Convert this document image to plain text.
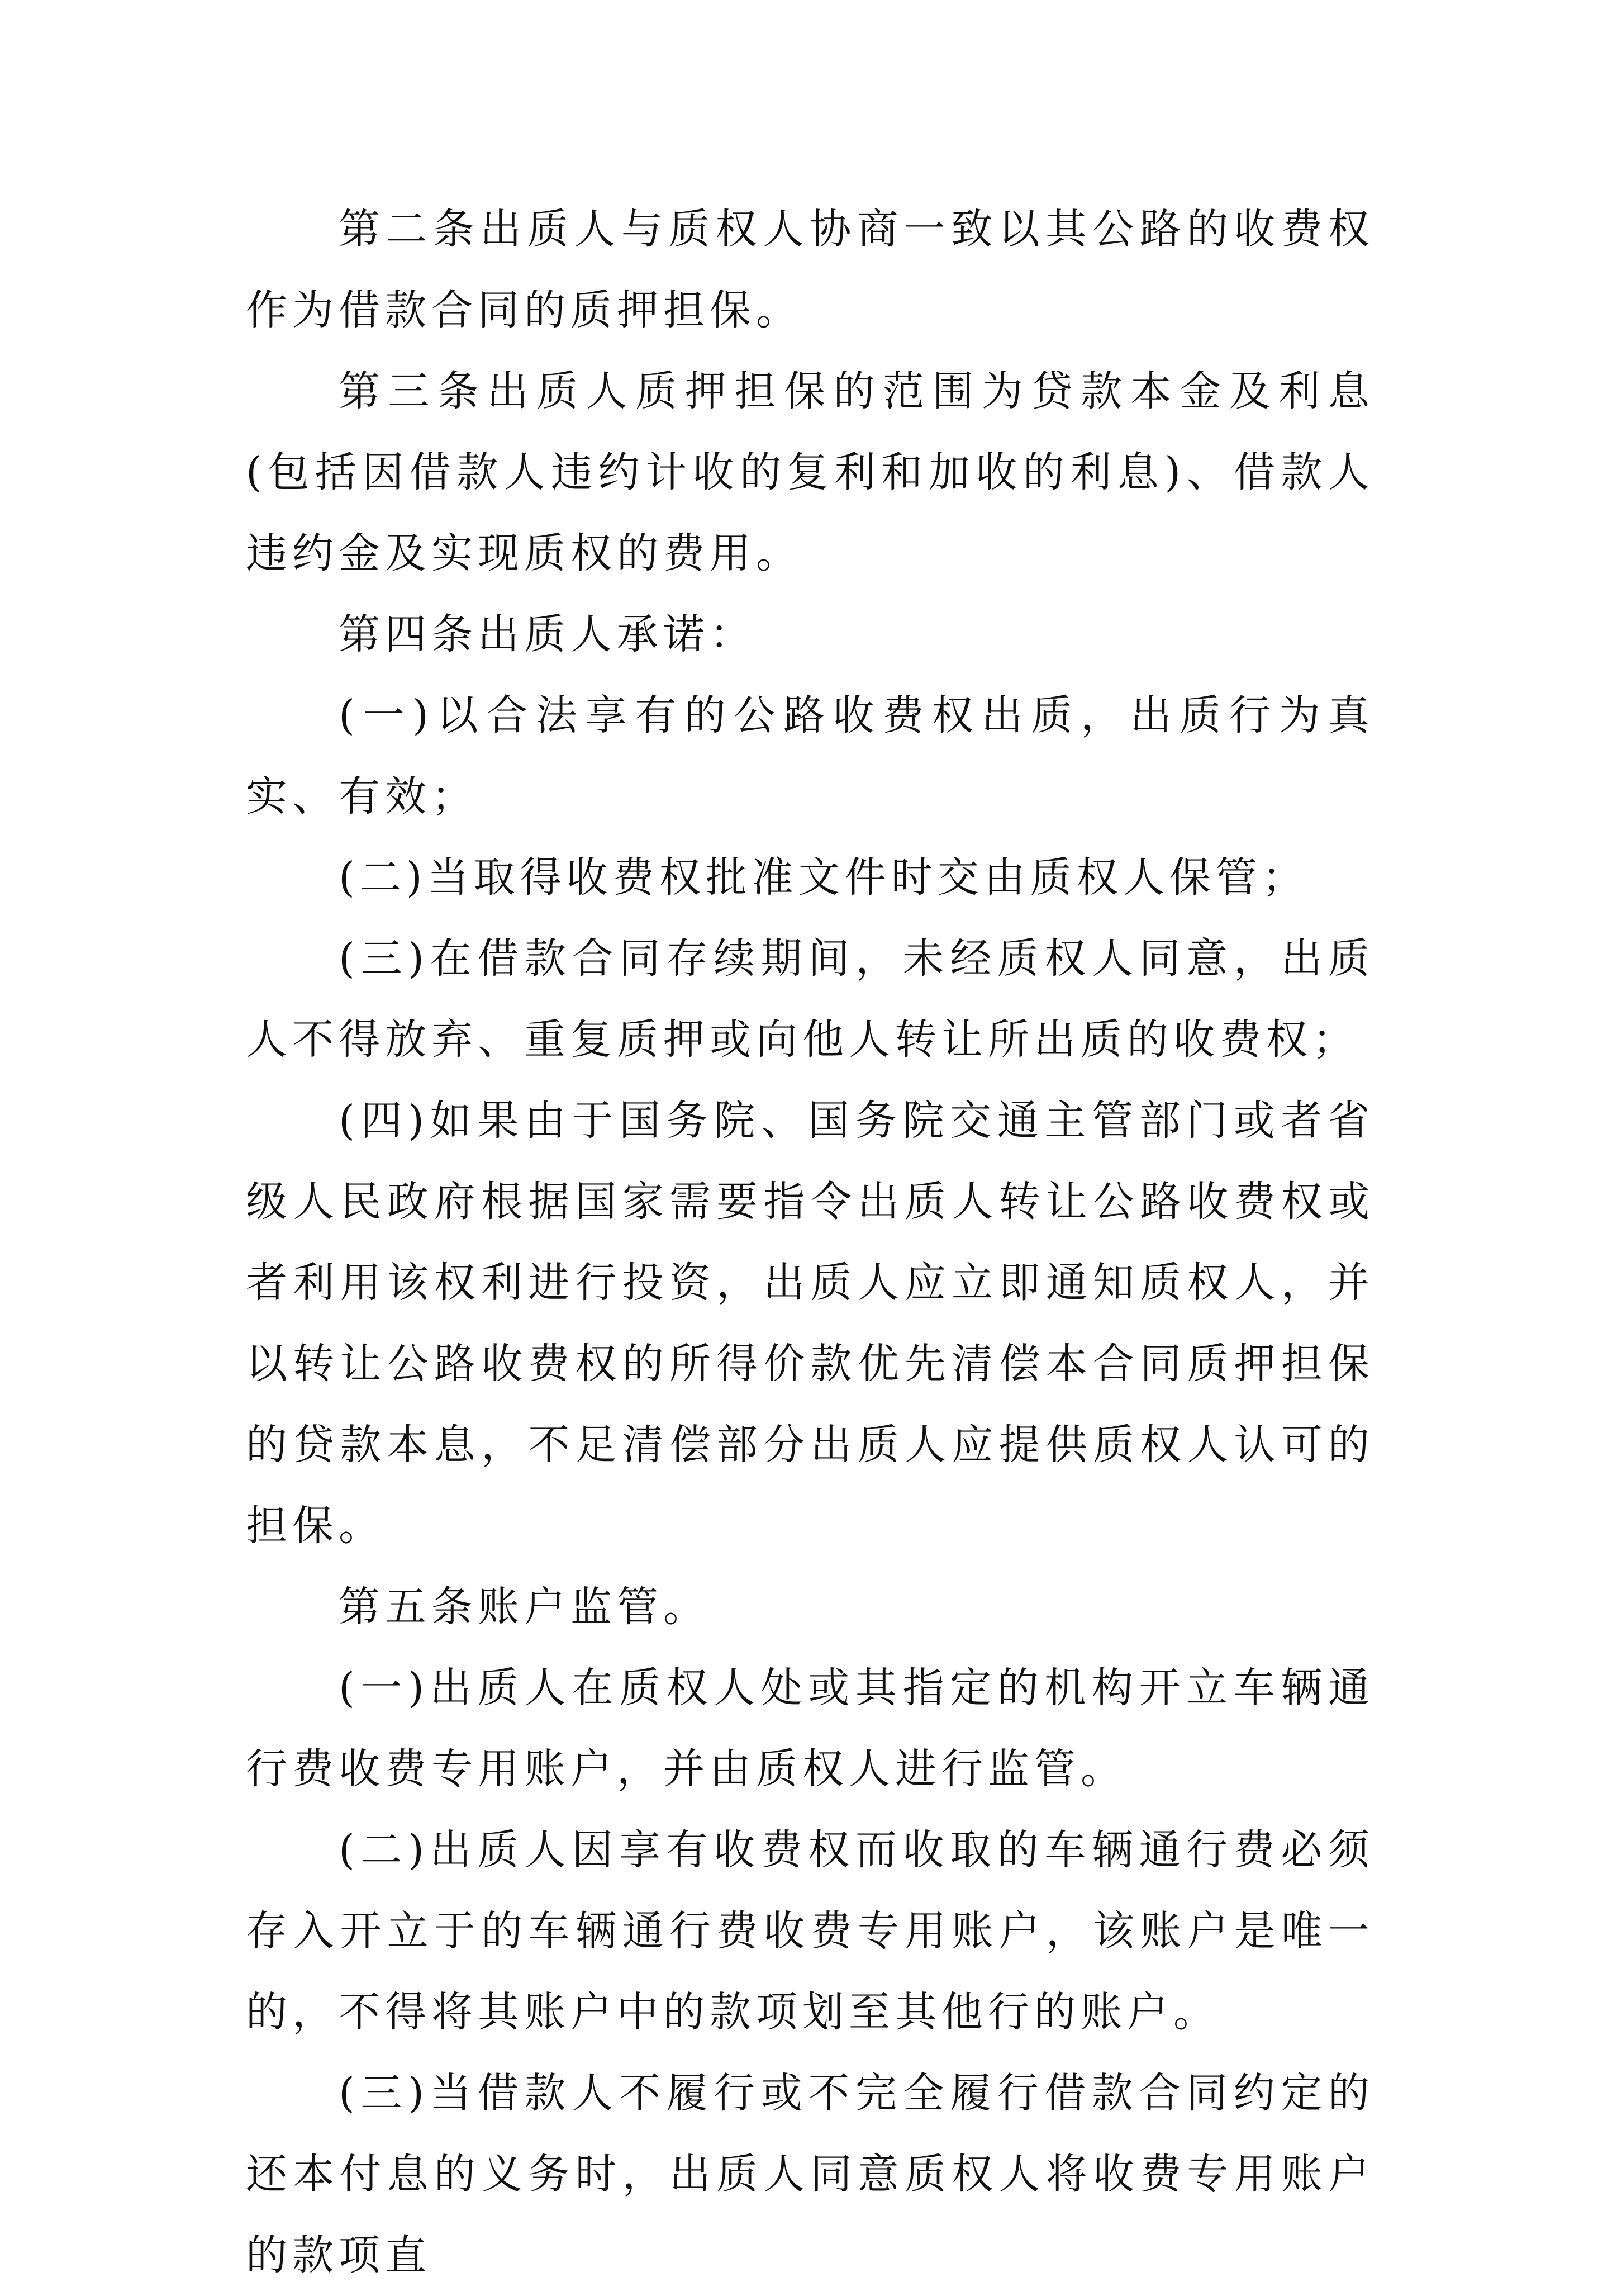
第二条出质人与质权人协商一致以其公路的收费权作为借款合同的质押担保。

第三条出质人质押担保的范围为贷款本金及利息(包括因借款人违约计收的复利和加收的利息)、借款人违约金及实现质权的费用。

第四条出质人承诺：

(一)以合法享有的公路收费权出质，出质行为真实、有效；

(二)当取得收费权批准文件时交由质权人保管；

(三)在借款合同存续期间，未经质权人同意，出质人不得放弃、重复质押或向他人转让所出质的收费权；

(四)如果由于国务院、国务院交通主管部门或者省级人民政府根据国家需要指令出质人转让公路收费权或者利用该权利进行投资，出质人应立即通知质权人，并以转让公路收费权的所得价款优先清偿本合同质押担保的贷款本息，不足清偿部分出质人应提供质权人认可的担保。

第五条账户监管。

(一)出质人在质权人处或其指定的机构开立车辆通行费收费专用账户，并由质权人进行监管。

(二)出质人因享有收费权而收取的车辆通行费必须存入开立于的车辆通行费收费专用账户，该账户是唯一的，不得将其账户中的款项划至其他行的账户。

(三)当借款人不履行或不完全履行借款合同约定的还本付息的义务时，出质人同意质权人将收费专用账户的款项直
